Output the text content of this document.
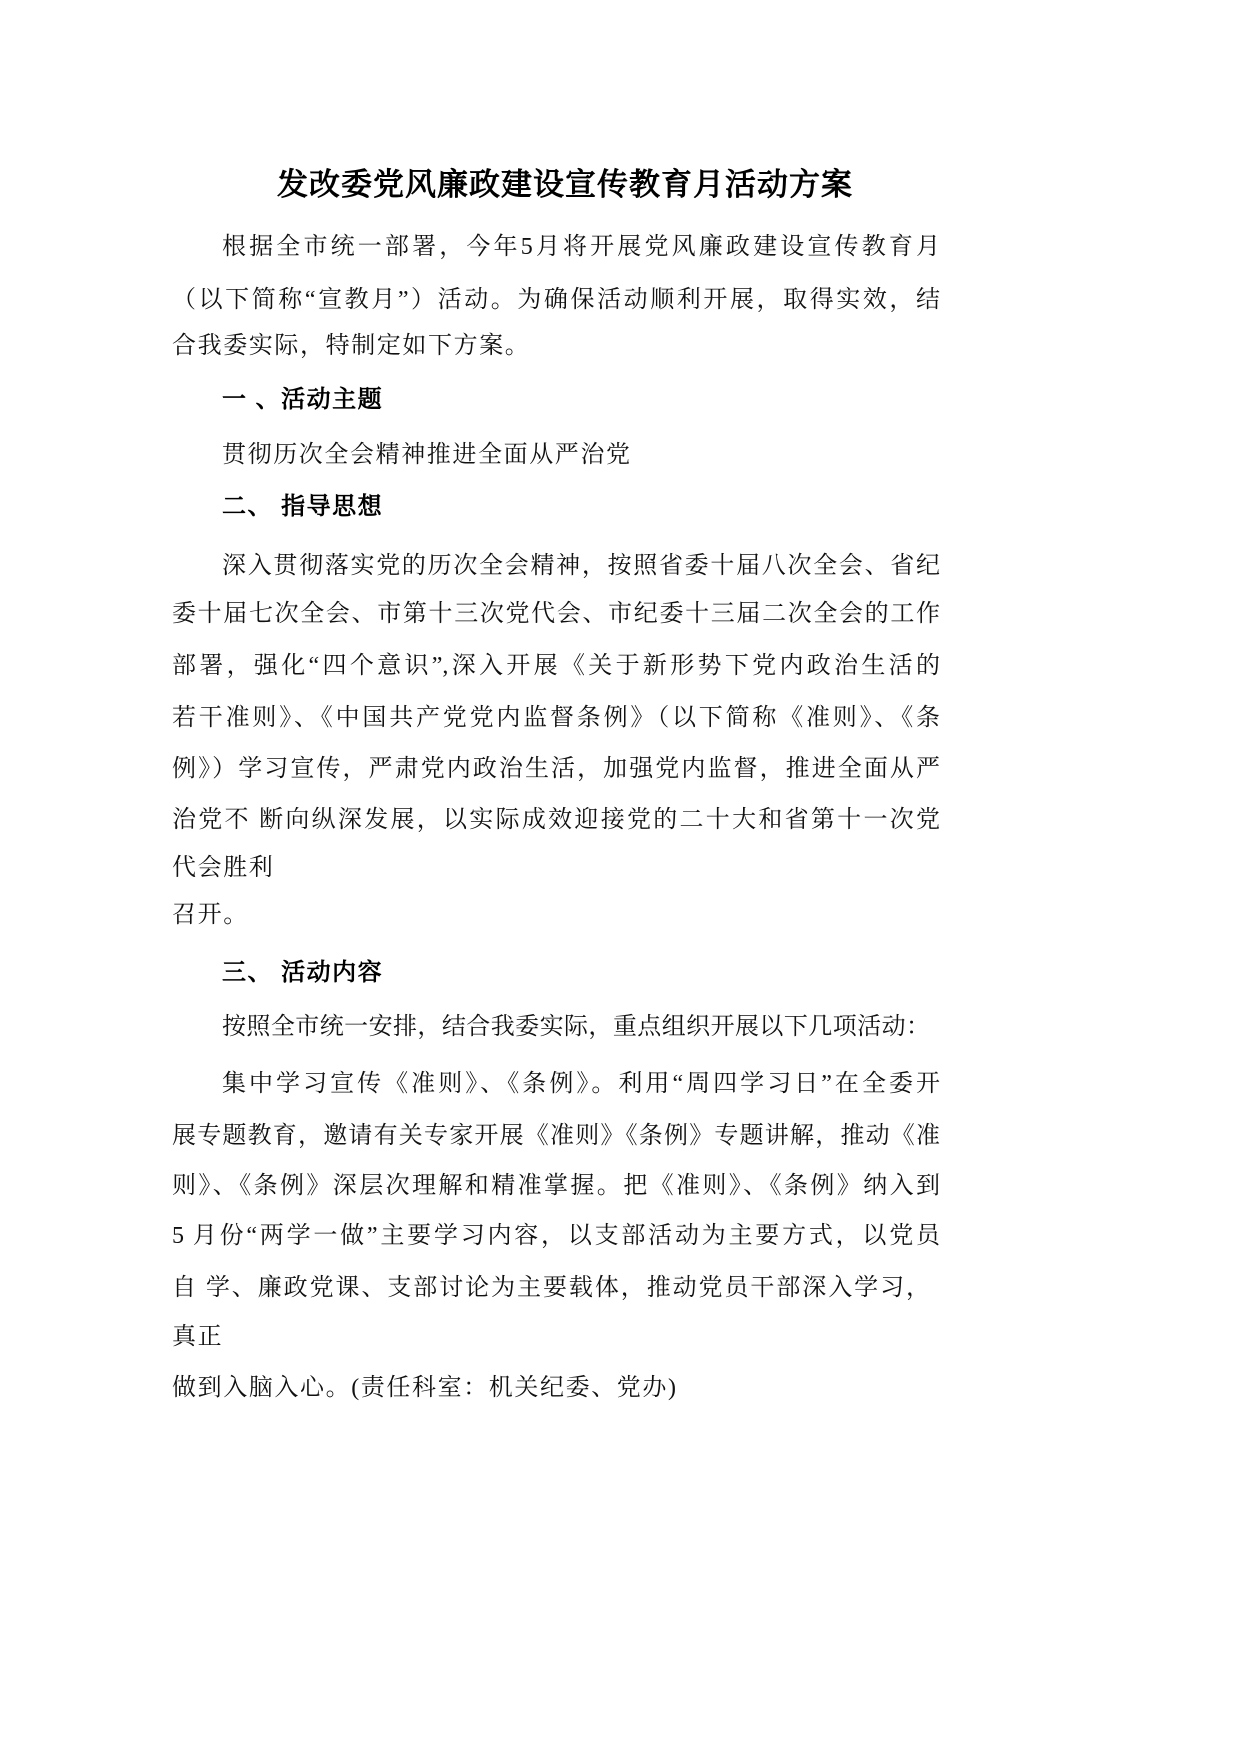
发改委党风廉政建设宣传教育月活动方案
根据全市统一部署，今年5月将开展党风廉政建设宣传教育月
（以下简称“宣教月”）活动。为确保活动顺利开展，取得实效，结
合我委实际，特制定如下方案。
一 、活动主题
贯彻历次全会精神推进全面从严治党
二、 指导思想
深入贯彻落实党的历次全会精神，按照省委十届八次全会、省纪
委十届七次全会、市第十三次党代会、市纪委十三届二次全会的工作
部署，强化“四个意识”,深入开展《关于新形势下党内政治生活的
若干准则》、《中国共产党党内监督条例》（以下简称《准则》、《条
例》）学习宣传，严肃党内政治生活，加强党内监督，推进全面从严
治党不 断向纵深发展，以实际成效迎接党的二十大和省第十一次党
代会胜利
召开。
三、 活动内容
按照全市统一安排，结合我委实际，重点组织开展以下几项活动：
集中学习宣传《准则》、《条例》。利用“周四学习日”在全委开
展专题教育，邀请有关专家开展《准则》《条例》专题讲解，推动《准
则》、《条例》深层次理解和精准掌握。把《准则》、《条例》纳入到
5 月份“两学一做”主要学习内容，以支部活动为主要方式，以党员
自 学、廉政党课、支部讨论为主要载体，推动党员干部深入学习，
真正
做到入脑入心。(责任科室：机关纪委、党办)
